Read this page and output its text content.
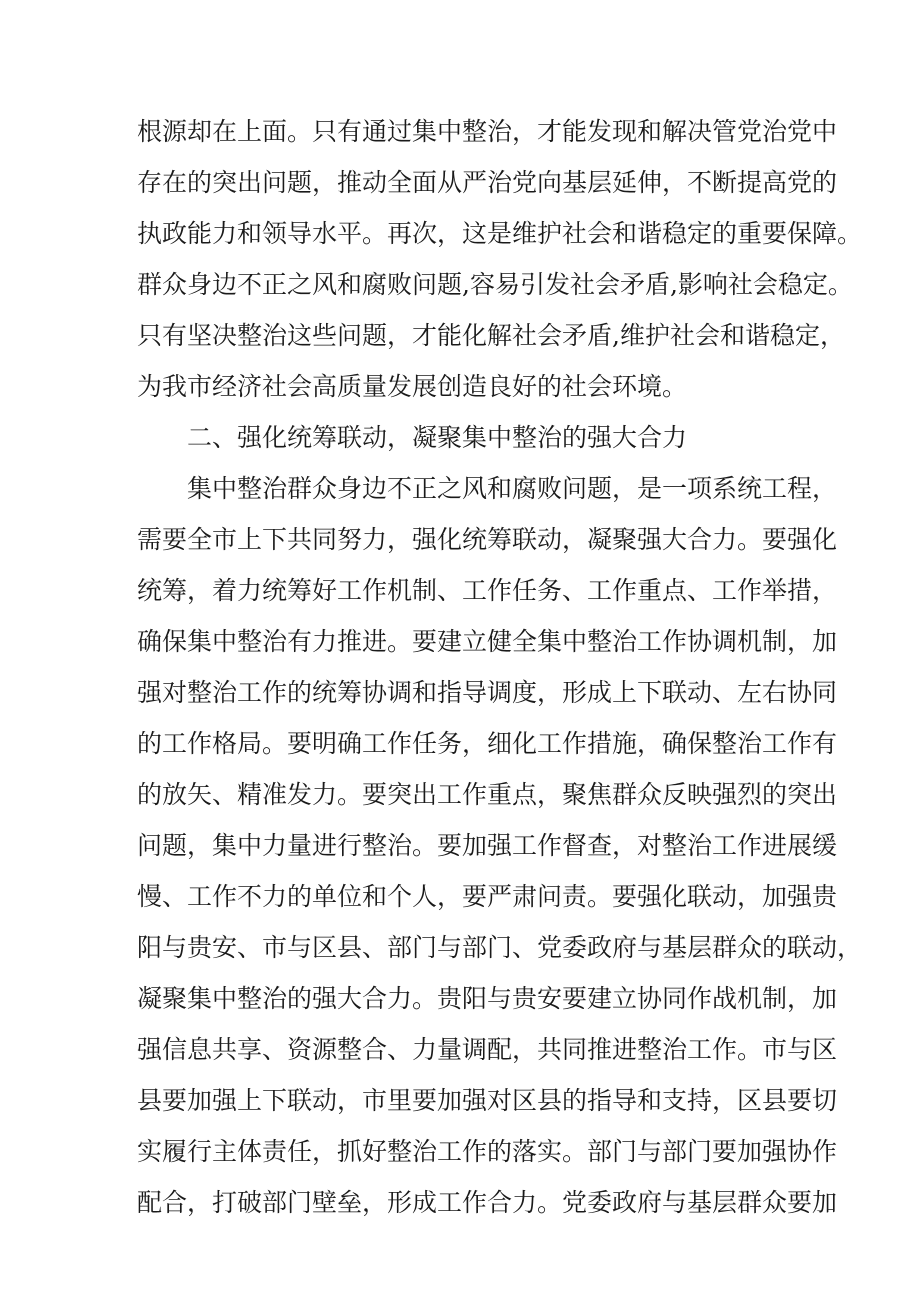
根源却在上面。只有通过集中整治，才能发现和解决管党治党中

存在的突出问题，推动全面从严治党向基层延伸，不断提高党的

执政能力和领导水平。再次，这是维护社会和谐稳定的重要保障。

群众身边不正之风和腐败问题,容易引发社会矛盾,影响社会稳定。

只有坚决整治这些问题，才能化解社会矛盾,维护社会和谐稳定，

为我市经济社会高质量发展创造良好的社会环境。

二、强化统筹联动，凝聚集中整治的强大合力

集中整治群众身边不正之风和腐败问题，是一项系统工程，

需要全市上下共同努力，强化统筹联动，凝聚强大合力。要强化

统筹，着力统筹好工作机制、工作任务、工作重点、工作举措，

确保集中整治有力推进。要建立健全集中整治工作协调机制，加

强对整治工作的统筹协调和指导调度，形成上下联动、左右协同

的工作格局。要明确工作任务，细化工作措施，确保整治工作有

的放矢、精准发力。要突出工作重点，聚焦群众反映强烈的突出

问题，集中力量进行整治。要加强工作督查，对整治工作进展缓

慢、工作不力的单位和个人，要严肃问责。要强化联动，加强贵

阳与贵安、市与区县、部门与部门、党委政府与基层群众的联动，

凝聚集中整治的强大合力。贵阳与贵安要建立协同作战机制，加

强信息共享、资源整合、力量调配，共同推进整治工作。市与区

县要加强上下联动，市里要加强对区县的指导和支持，区县要切

实履行主体责任，抓好整治工作的落实。部门与部门要加强协作

配合，打破部门壁垒，形成工作合力。党委政府与基层群众要加
